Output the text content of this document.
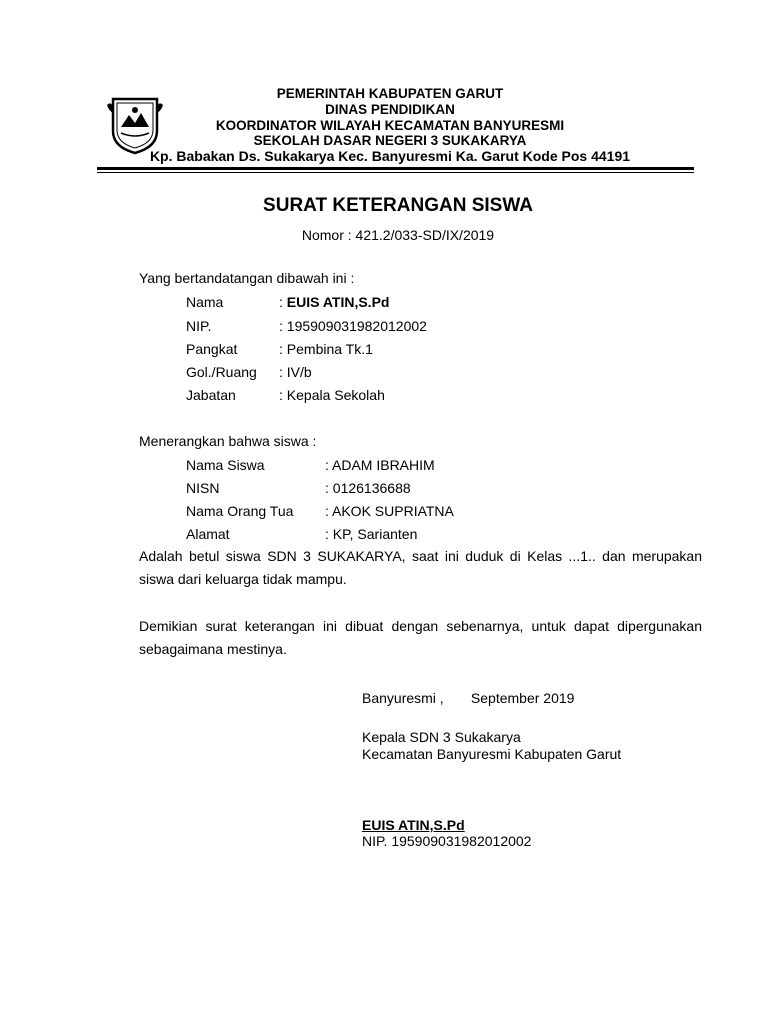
PEMERINTAH KABUPATEN GARUT
DINAS PENDIDIKAN
KOORDINATOR WILAYAH KECAMATAN BANYURESMI
SEKOLAH DASAR NEGERI 3 SUKAKARYA
Kp. Babakan Ds. Sukakarya Kec. Banyuresmi Ka. Garut Kode Pos 44191
SURAT KETERANGAN SISWA
Nomor : 421.2/033-SD/IX/2019
Yang bertandatangan dibawah ini :
Nama	: EUIS ATIN,S.Pd
NIP.	: 195909031982012002
Pangkat	: Pembina Tk.1
Gol./Ruang : IV/b
Jabatan	: Kepala Sekolah
Menerangkan bahwa siswa :
Nama Siswa	: ADAM IBRAHIM
NISN	: 0126136688
Nama Orang Tua : AKOK SUPRIATNA
Alamat	: KP, Sarianten
Adalah betul siswa SDN 3 SUKAKARYA, saat ini duduk di Kelas ...1.. dan merupakan
siswa dari keluarga tidak mampu.
Demikian surat keterangan ini dibuat dengan sebenarnya, untuk dapat dipergunakan
sebagaimana mestinya.
Banyuresmi ,       September 2019
Kepala SDN 3 Sukakarya
Kecamatan Banyuresmi Kabupaten Garut
EUIS ATIN,S.Pd
NIP. 195909031982012002
